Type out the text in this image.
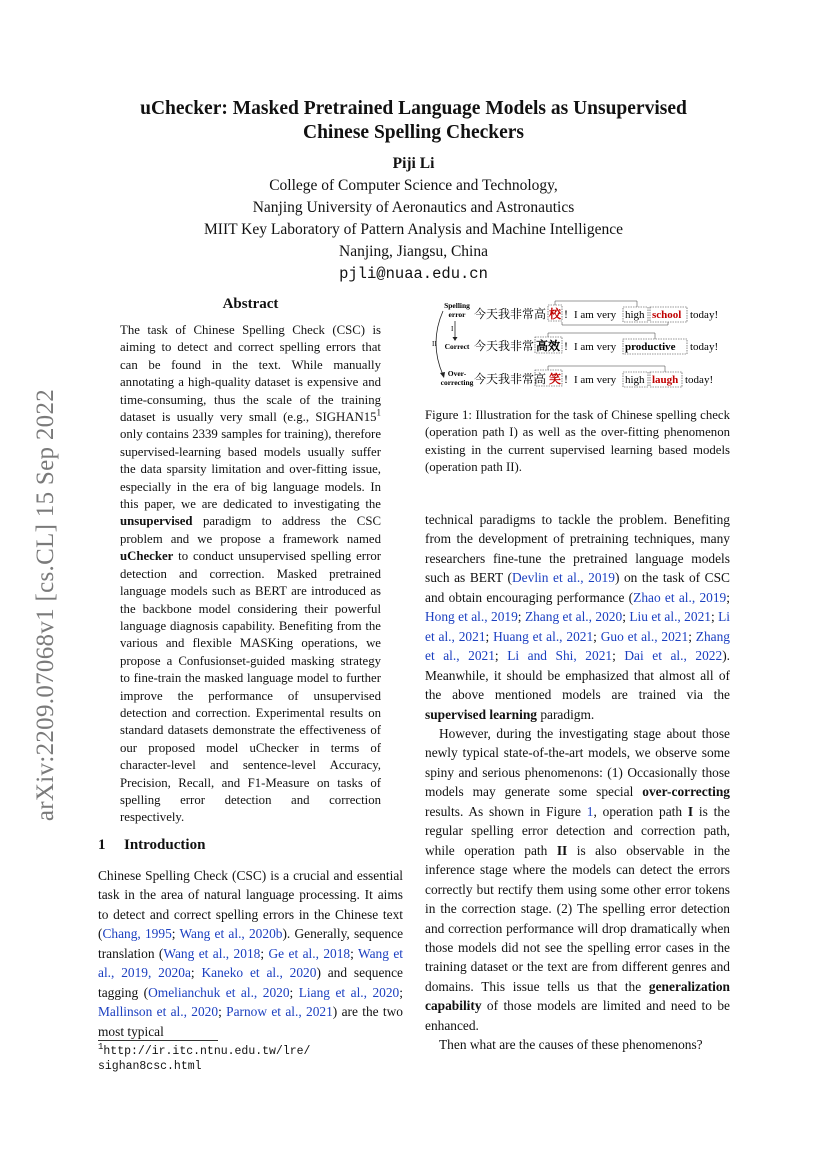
arXiv:2209.07068v1 [cs.CL] 15 Sep 2022
uChecker: Masked Pretrained Language Models as Unsupervised
Chinese Spelling Checkers
Piji Li
College of Computer Science and Technology,
Nanjing University of Aeronautics and Astronautics
MIIT Key Laboratory of Pattern Analysis and Machine Intelligence
Nanjing, Jiangsu, China
pjli@nuaa.edu.cn
Abstract
The task of Chinese Spelling Check (CSC) is aiming to detect and correct spelling errors that can be found in the text. While manually annotating a high-quality dataset is expensive and time-consuming, thus the scale of the training dataset is usually very small (e.g., $SIGHAN15^1$ only contains 2339 samples for training), therefore supervised-learning based models usually suffer the data sparsity limitation and over-fitting issue, especially in the era of big language models. In this paper, we are dedicated to investigating the unsupervised paradigm to address the CSC problem and we propose a framework named uChecker to conduct unsupervised spelling error detection and correction. Masked pretrained language models such as BERT are introduced as the backbone model considering their powerful language diagnosis capability. Benefiting from the various and flexible MASKing operations, we propose a Confusionset-guided masking strategy to fine-train the masked language model to further improve the performance of unsupervised detection and correction. Experimental results on standard datasets demonstrate the effectiveness of our proposed model uChecker in terms of character-level and sentence-level Accuracy, Precision, Recall, and F1-Measure on tasks of spelling error detection and correction respectively.
1 Introduction

Chinese Spelling Check (CSC) is a crucial and essential task in the area of natural language processing. It aims to detect and correct spelling errors in the Chinese text (Chang, 1995; Wang et al., 2020b). Generally, sequence translation (Wang et al., 2018; Ge et al., 2018; Wang et al., 2019, 2020a; Kaneko et al., 2020) and sequence tagging (Omelianchuk et al., 2020; Liang et al., 2020; Mallinson et al., 2020; Parnow et al., 2021) are the two most typical

$^1$http://ir.itc.ntnu.edu.tw/lre/
sighan8csc.html
Spelling
error
Correct
Over-
correcting
I
II
今天我非常高 校 ! I am very high school today!
今天我非常 高效 ! I am very productive today!
今天我非常高 笑 ! I am very high laugh today!
Figure 1: Illustration for the task of Chinese spelling check (operation path I) as well as the over-fitting phenomenon existing in the current supervised learning based models (operation path II).

technical paradigms to tackle the problem. Benefiting from the development of pretraining techniques, many researchers fine-tune the pretrained language models such as BERT (Devlin et al., 2019) on the task of CSC and obtain encouraging performance (Zhao et al., 2019; Hong et al., 2019; Zhang et al., 2020; Liu et al., 2021; Li et al., 2021; Huang et al., 2021; Guo et al., 2021; Zhang et al., 2021; Li and Shi, 2021; Dai et al., 2022). Meanwhile, it should be emphasized that almost all of the above mentioned models are trained via the supervised learning paradigm.

However, during the investigating stage about those newly typical state-of-the-art models, we observe some spiny and serious phenomenons: (1) Occasionally those models may generate some special over-correcting results. As shown in Figure 1, operation path I is the regular spelling error detection and correction path, while operation path II is also observable in the inference stage where the models can detect the errors correctly but rectify them using some other error tokens in the correction stage. (2) The spelling error detection and correction performance will drop dramatically when those models did not see the spelling error cases in the training dataset or the text are from different genres and domains. This issue tells us that the generalization capability of those models are limited and need to be enhanced.

Then what are the causes of these phenomenons?
